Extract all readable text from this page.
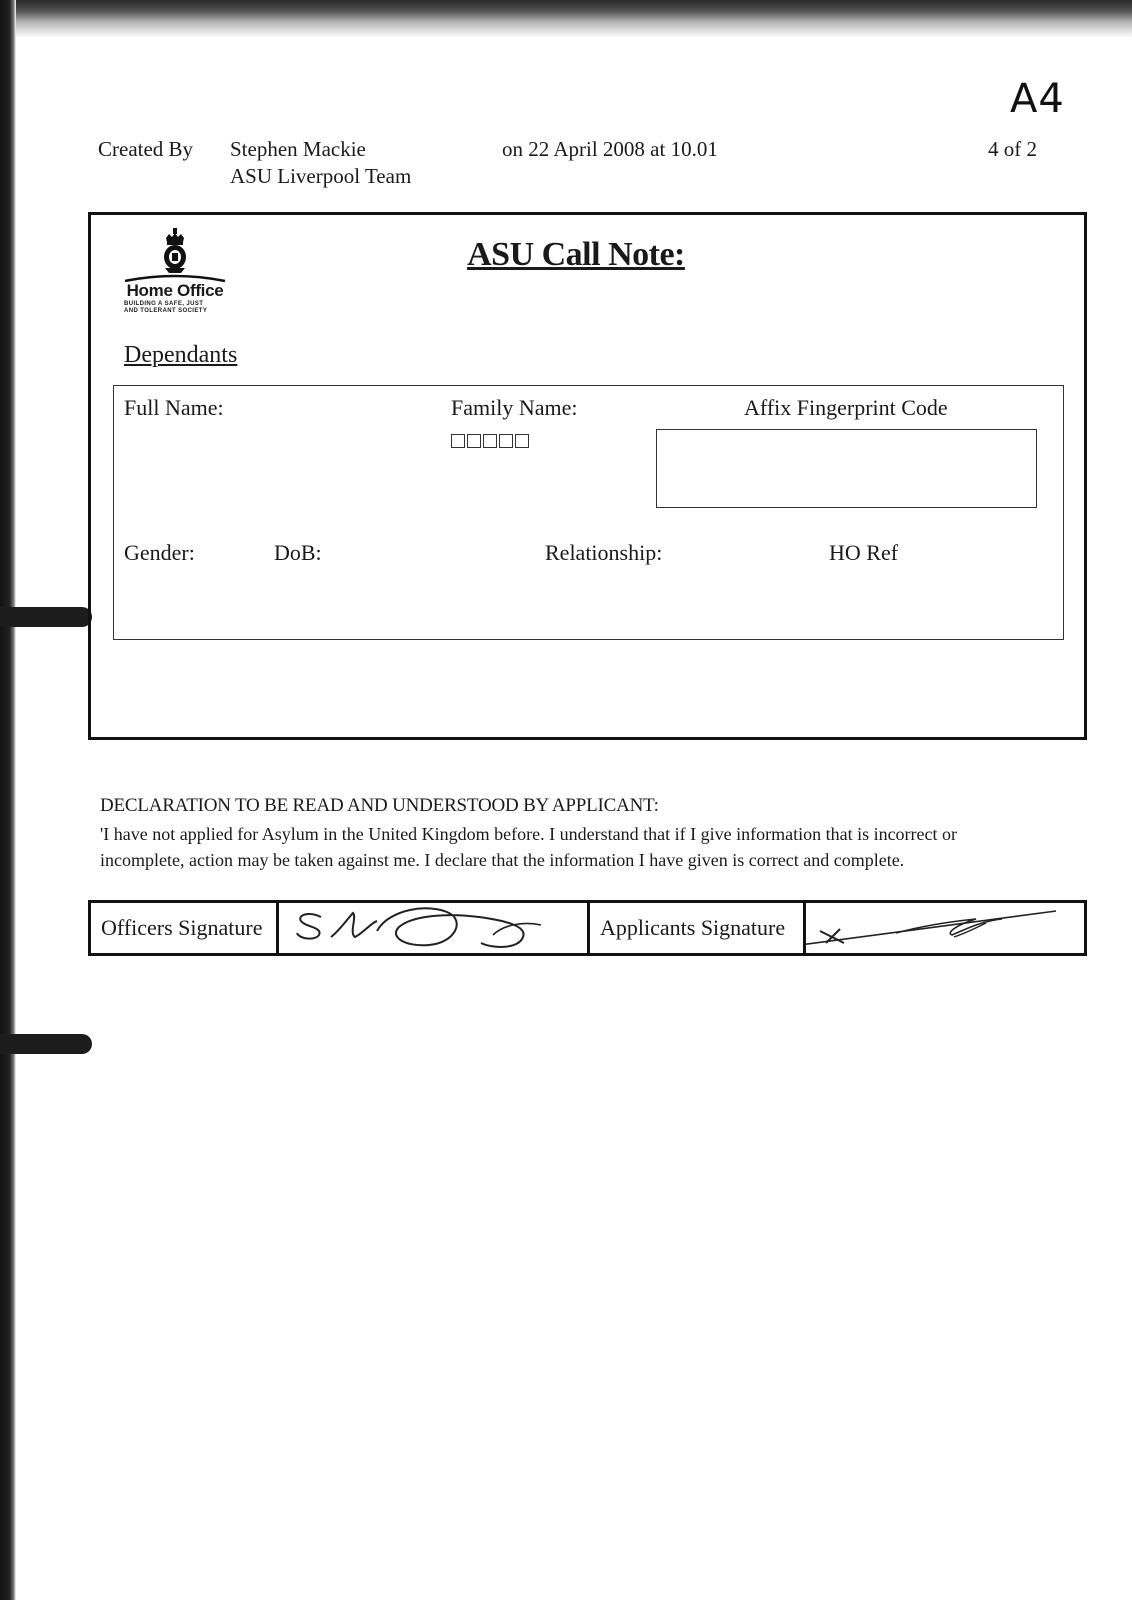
A4
Created By Stephen Mackie
ASU Liverpool Team
on 22 April 2008 at 10.01	4 of 2
Home Office
BUILDING A SAFE, JUST
AND TOLERANT SOCIETY
ASU Call Note:
Dependants
Full Name:	Family Name:	Affix Fingerprint Code
Gender:	DoB:	Relationship:	HO Ref
DECLARATION TO BE READ AND UNDERSTOOD BY APPLICANT:
'I have not applied for Asylum in the United Kingdom before. I understand that if I give information that is incorrect or incomplete, action may be taken against me. I declare that the information I have given is correct and complete.
Officers Signature	Applicants Signature
